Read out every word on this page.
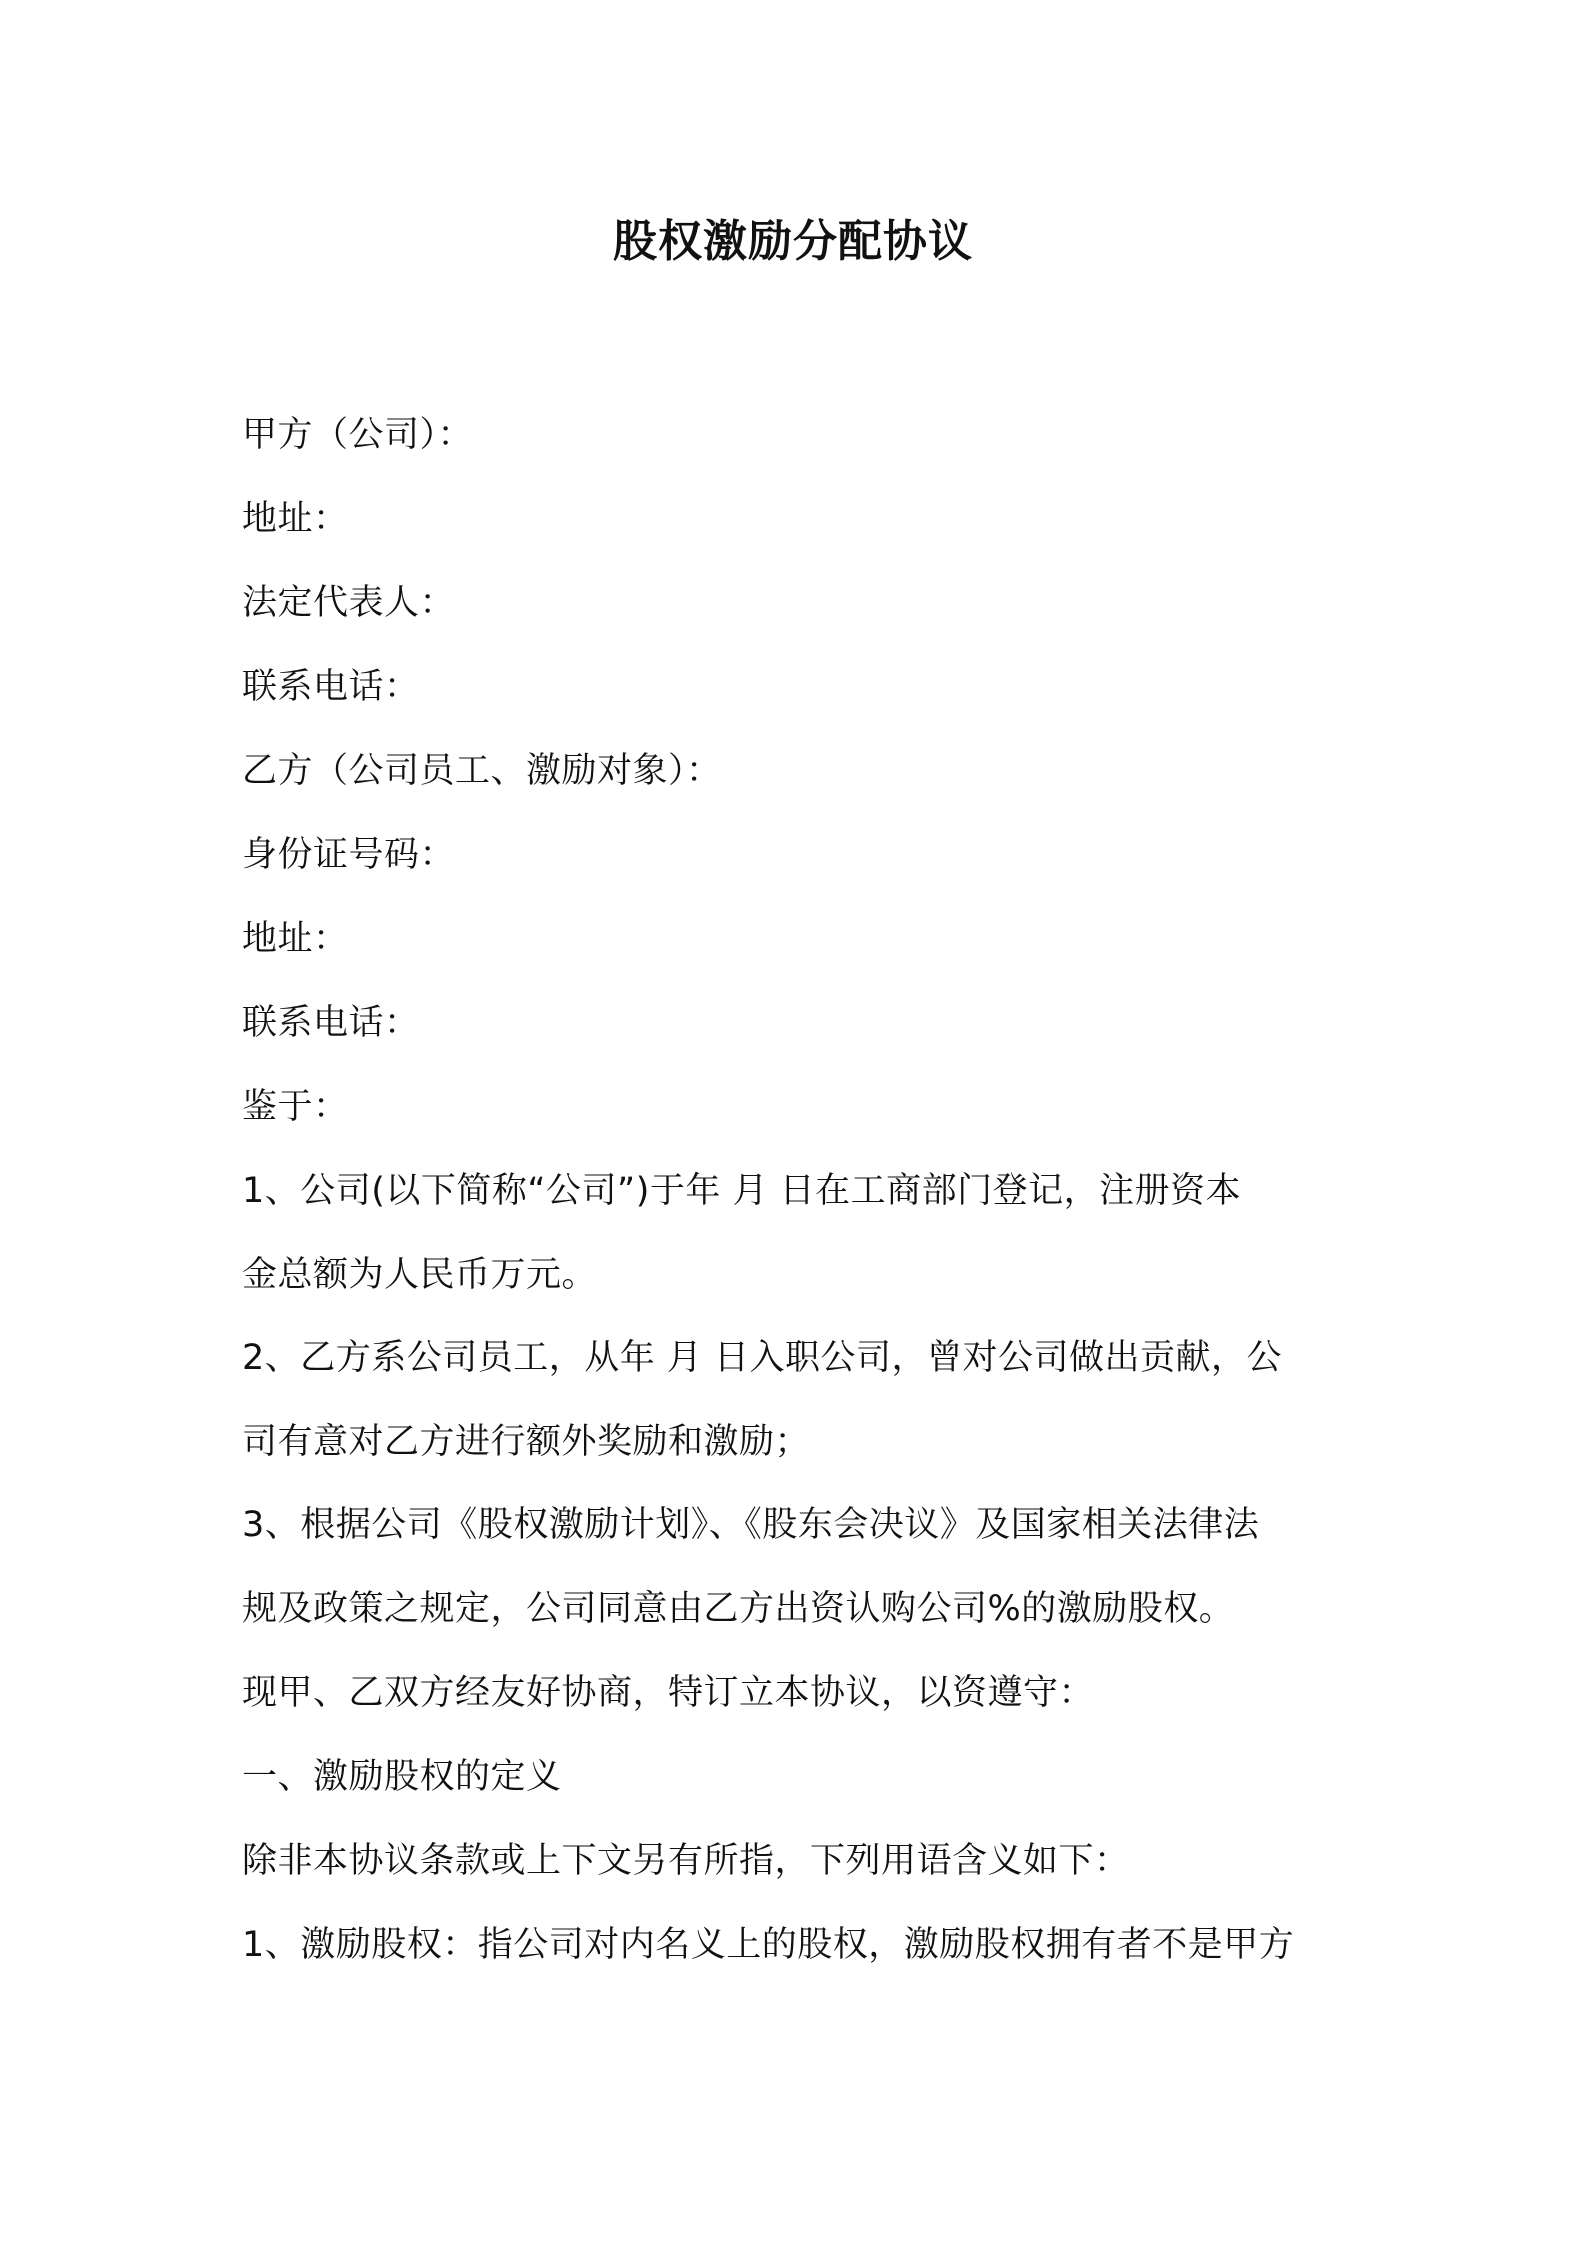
股权激励分配协议
甲方（公司）：
地址：
法定代表人：
联系电话：
乙方（公司员工、激励对象）：
身份证号码：
地址：
联系电话：
鉴于：
1、公司(以下简称“公司”)于年 月 日在工商部门登记，注册资本
金总额为人民币万元。
2、乙方系公司员工，从年 月 日入职公司，曾对公司做出贡献，公
司有意对乙方进行额外奖励和激励；
3、根据公司《股权激励计划》、《股东会决议》及国家相关法律法
规及政策之规定，公司同意由乙方出资认购公司%的激励股权。
现甲、乙双方经友好协商，特订立本协议，以资遵守：
一、激励股权的定义
除非本协议条款或上下文另有所指，下列用语含义如下：
1、激励股权：指公司对内名义上的股权，激励股权拥有者不是甲方
